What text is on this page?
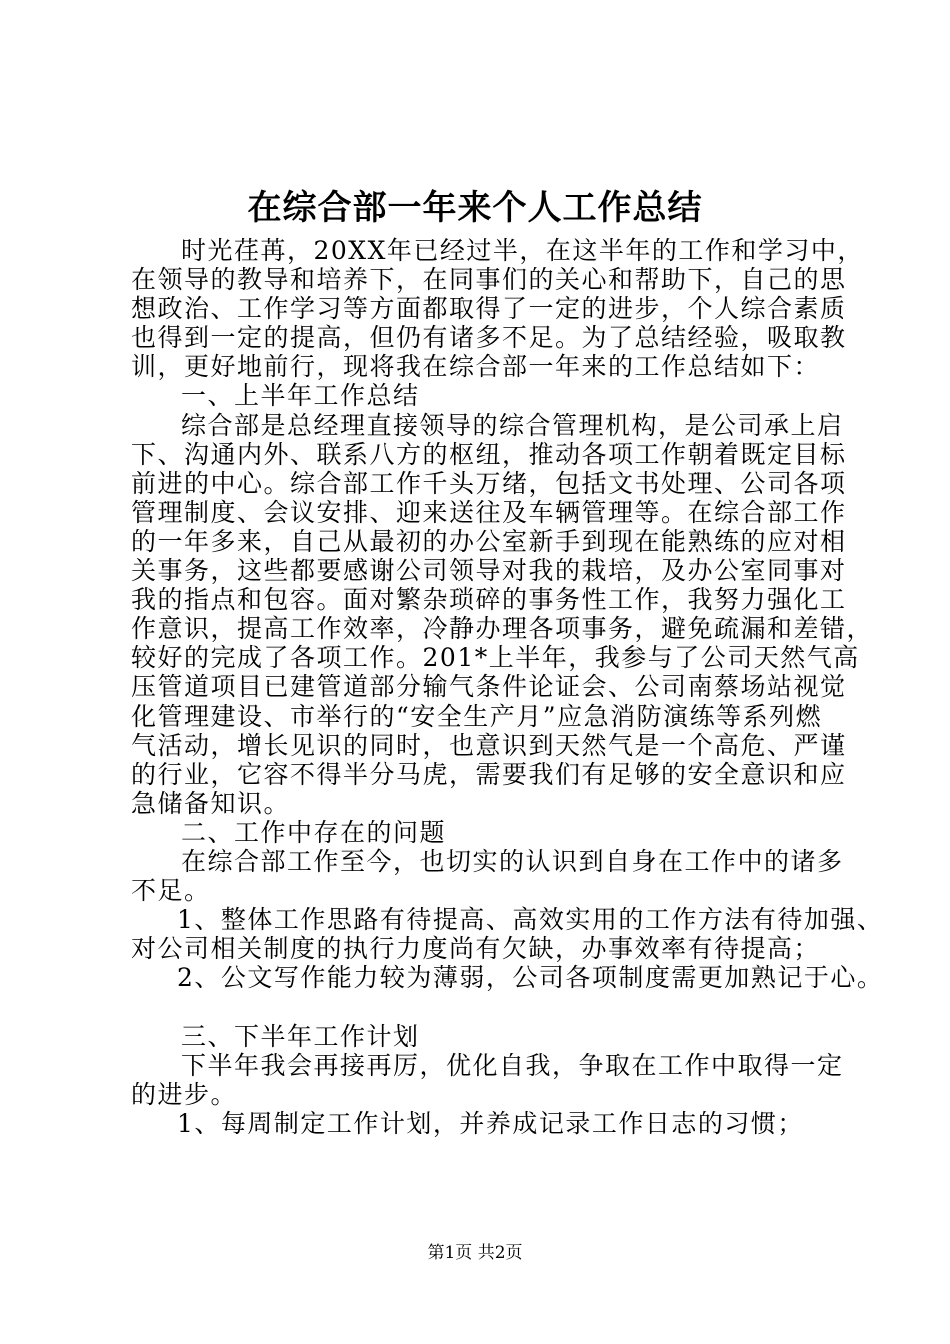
在综合部一年来个人工作总结
时光荏苒，20XX年已经过半，在这半年的工作和学习中，
在领导的教导和培养下，在同事们的关心和帮助下，自己的思
想政治、工作学习等方面都取得了一定的进步，个人综合素质
也得到一定的提高，但仍有诸多不足。为了总结经验，吸取教
训，更好地前行，现将我在综合部一年来的工作总结如下：
一、上半年工作总结
综合部是总经理直接领导的综合管理机构，是公司承上启
下、沟通内外、联系八方的枢纽，推动各项工作朝着既定目标
前进的中心。综合部工作千头万绪，包括文书处理、公司各项
管理制度、会议安排、迎来送往及车辆管理等。在综合部工作
的一年多来，自己从最初的办公室新手到现在能熟练的应对相
关事务，这些都要感谢公司领导对我的栽培，及办公室同事对
我的指点和包容。面对繁杂琐碎的事务性工作，我努力强化工
作意识，提高工作效率，冷静办理各项事务，避免疏漏和差错，
较好的完成了各项工作。201*上半年，我参与了公司天然气高
压管道项目已建管道部分输气条件论证会、公司南蔡场站视觉
化管理建设、市举行的“安全生产月”应急消防演练等系列燃
气活动，增长见识的同时，也意识到天然气是一个高危、严谨
的行业，它容不得半分马虎，需要我们有足够的安全意识和应
急储备知识。
二、工作中存在的问题
在综合部工作至今，也切实的认识到自身在工作中的诸多
不足。
1、整体工作思路有待提高、高效实用的工作方法有待加强、
对公司相关制度的执行力度尚有欠缺，办事效率有待提高；
2、公文写作能力较为薄弱，公司各项制度需更加熟记于心。
三、下半年工作计划
下半年我会再接再厉，优化自我，争取在工作中取得一定
的进步。
1、每周制定工作计划，并养成记录工作日志的习惯；
第1页 共2页
